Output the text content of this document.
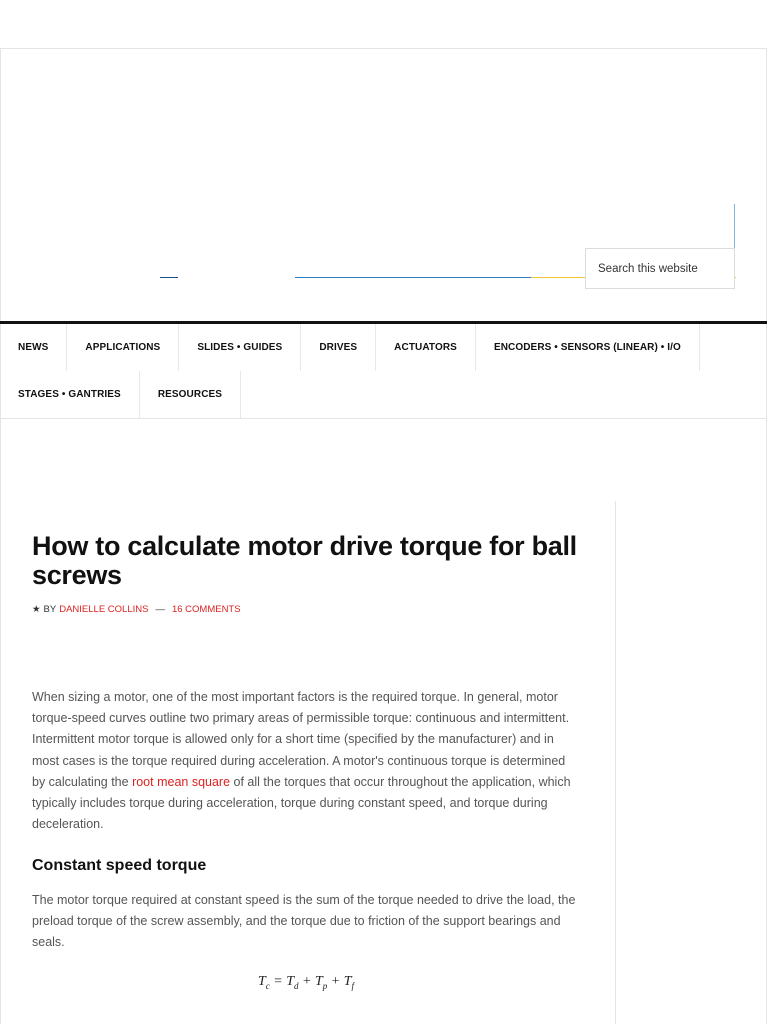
Search this website
NEWS	APPLICATIONS	SLIDES • GUIDES	DRIVES	ACTUATORS	ENCODERS • SENSORS (LINEAR) • I/O
STAGES • GANTRIES	RESOURCES
How to calculate motor drive torque for ball screws
★ BY DANIELLE COLLINS — 16 COMMENTS

When sizing a motor, one of the most important factors is the required torque. In general, motor torque-speed curves outline two primary areas of permissible torque: continuous and intermittent. Intermittent motor torque is allowed only for a short time (specified by the manufacturer) and in most cases is the torque required during acceleration. A motor's continuous torque is determined by calculating the root mean square of all the torques that occur throughout the application, which typically includes torque during acceleration, torque during constant speed, and torque during deceleration.

Constant speed torque

The motor torque required at constant speed is the sum of the torque needed to drive the load, the preload torque of the screw assembly, and the torque due to friction of the support bearings and seals.

$T_c = T_d + T_p + T_f$
